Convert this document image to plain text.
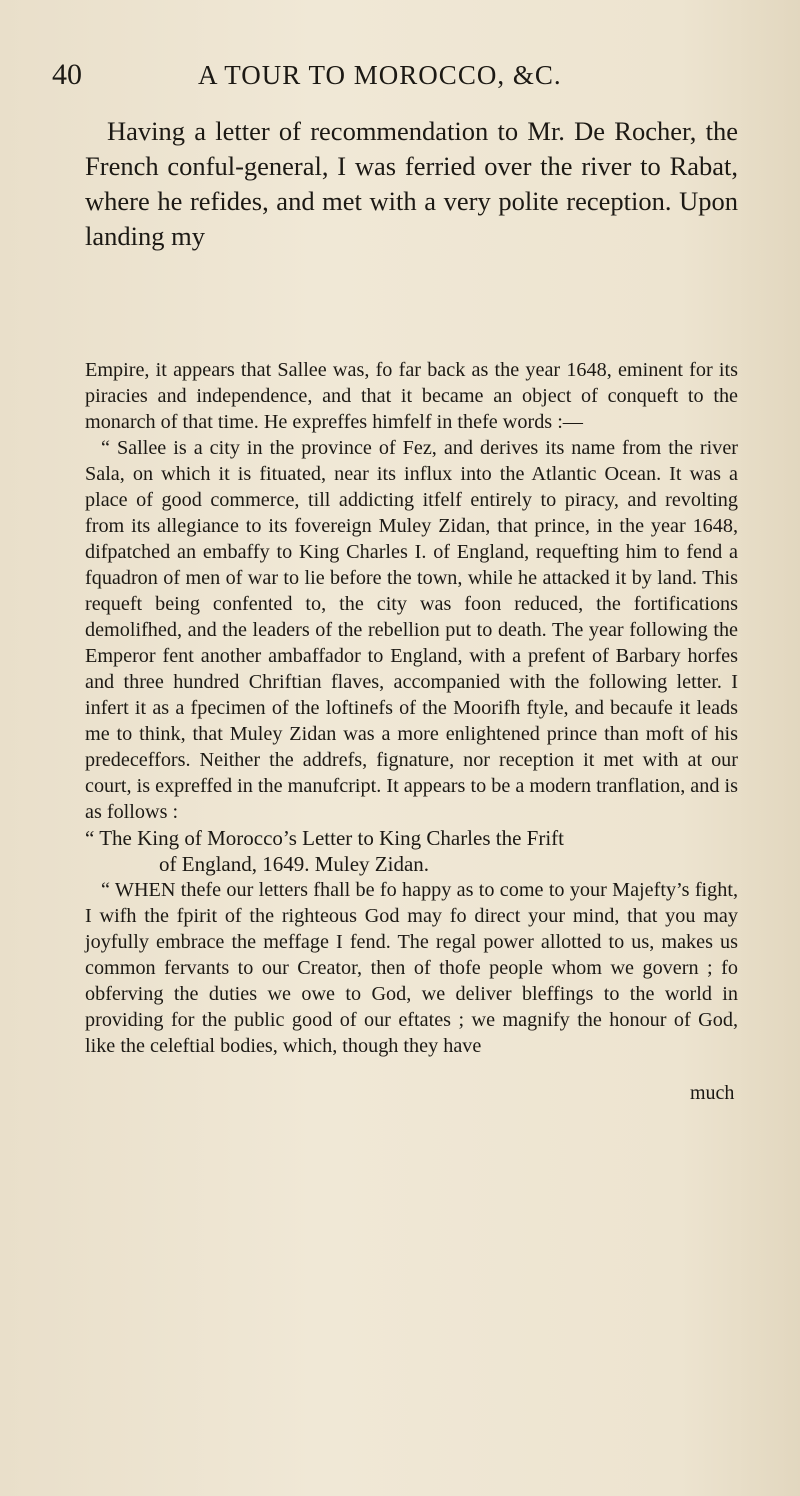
40	A TOUR TO MOROCCO, &C.

Having a letter of recommendation to Mr. De Rocher, the French conful-general, I was ferried over the river to Rabat, where he refides, and met with a very polite reception. Upon landing my

Empire, it appears that Sallee was, fo far back as the year 1648, eminent for its piracies and independence, and that it became an object of conqueft to the monarch of that time. He expreffes himfelf in thefe words :—

“ Sallee is a city in the province of Fez, and derives its name from the river Sala, on which it is fituated, near its influx into the Atlantic Ocean. It was a place of good commerce, till addicting itfelf entirely to piracy, and revolting from its allegiance to its fovereign Muley Zidan, that prince, in the year 1648, difpatched an embaffy to King Charles I. of England, requefting him to fend a fquadron of men of war to lie before the town, while he attacked it by land. This requeft being confented to, the city was foon reduced, the fortifications demolifhed, and the leaders of the rebellion put to death. The year following the Emperor fent another ambaffador to England, with a prefent of Barbary horfes and three hundred Chriftian flaves, accompanied with the following letter. I infert it as a fpecimen of the loftinefs of the Moorifh ftyle, and becaufe it leads me to think, that Muley Zidan was a more enlightened prince than moft of his predeceffors. Neither the addrefs, fignature, nor reception it met with at our court, is expreffed in the manufcript. It appears to be a modern tranflation, and is as follows :

“ The King of Morocco’s Letter to King Charles the Frift
of England, 1649. Muley Zidan.

“ WHEN thefe our letters fhall be fo happy as to come to your Majefty’s fight, I wifh the fpirit of the righteous God may fo direct your mind, that you may joyfully embrace the meffage I fend. The regal power allotted to us, makes us common fervants to our Creator, then of thofe people whom we govern ; fo obferving the duties we owe to God, we deliver bleffings to the world in providing for the public good of our eftates ; we magnify the honour of God, like the celeftial bodies, which, though they have

much
